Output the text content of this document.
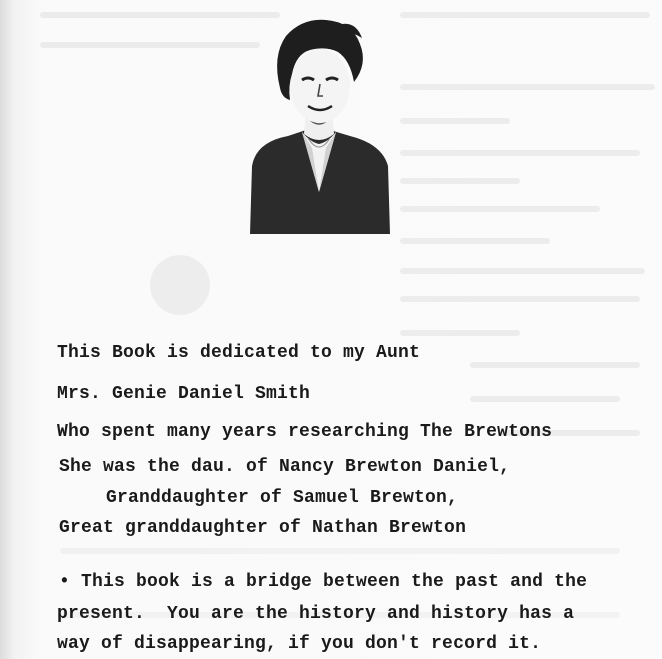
This Book is dedicated to my Aunt
Mrs. Genie Daniel Smith
Who spent many years researching The Brewtons
She was the dau. of Nancy Brewton Daniel,
Granddaughter of Samuel Brewton,
Great granddaughter of Nathan Brewton
• This book is a bridge between the past and the
present.  You are the history and history has a
way of disappearing, if you don't record it.
